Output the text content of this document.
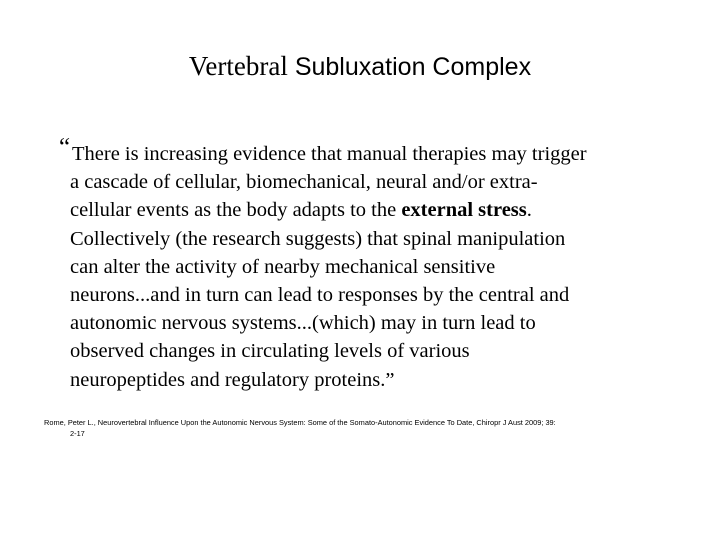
Vertebral Subluxation Complex
“ There is increasing evidence that manual therapies may trigger
a cascade of cellular, biomechanical, neural and/or extra-
cellular events as the body adapts to the external stress.
Collectively (the research suggests) that spinal manipulation
can alter the activity of nearby mechanical sensitive
neurons...and in turn can lead to responses by the central and
autonomic nervous systems...(which) may in turn lead to
observed changes in circulating levels of various
neuropeptides and regulatory proteins.”
Rome, Peter L., Neurovertebral Influence Upon the Autonomic Nervous System: Some of the Somato-Autonomic Evidence To Date, Chiropr J Aust 2009; 39:
2-17
